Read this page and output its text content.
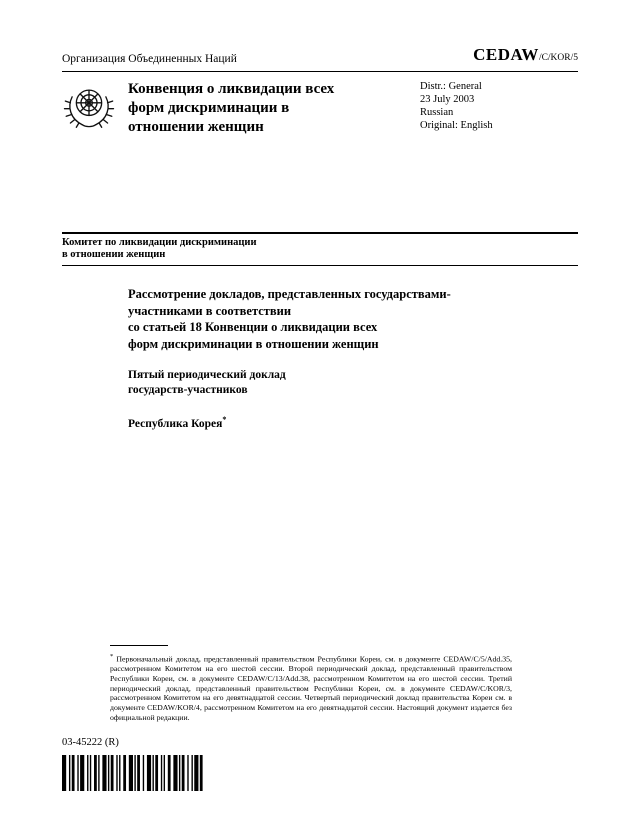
Организация Объединенных Наций	CEDAW/C/KOR/5
Конвенция о ликвидации всех
форм дискриминации в
отношении женщин
Distr.: General
23 July 2003
Russian
Original: English
Комитет по ликвидации дискриминации
в отношении женщин
Рассмотрение докладов, представленных государствами-
участниками в соответствии
со статьей 18 Конвенции о ликвидации всех
форм дискриминации в отношении женщин
Пятый периодический доклад
государств-участников
Республика Корея*

* Первоначальный доклад, представленный правительством Республики Кореи, см. в документе CEDAW/C/5/Add.35, рассмотренном Комитетом на его шестой сессии. Второй периодический доклад, представленный правительством Республики Кореи, см. в документе CEDAW/C/13/Add.38, рассмотренном Комитетом на его шестой сессии. Третий периодический доклад, представленный правительством Республики Кореи, см. в документе CEDAW/C/KOR/3, рассмотренном Комитетом на его девятнадцатой сессии. Четвертый периодический доклад правительства Кореи см. в документе CEDAW/KOR/4, рассмотренном Комитетом на его девятнадцатой сессии. Настоящий документ издается без официальной редакции.

03-45222 (R)
